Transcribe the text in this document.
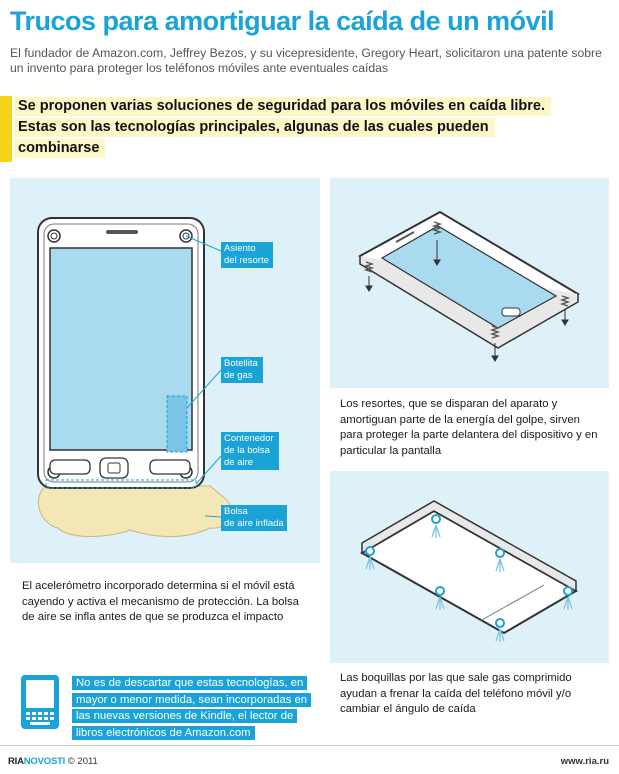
Trucos para amortiguar la caída de un móvil
El fundador de Amazon.com, Jeffrey Bezos, y su vicepresidente, Gregory Heart, solicitaron una patente sobre un invento para proteger los teléfonos móviles ante eventuales caídas
Se proponen varias soluciones de seguridad para los móviles en caída libre. Estas son las tecnologías principales, algunas de las cuales pueden combinarse
Asiento
del resorte
Botellita
de gas
Contenedor
de la bolsa
de aire
Bolsa
de aire inflada
El acelerómetro incorporado determina si el móvil está cayendo y activa el mecanismo de protección. La bolsa de aire se infla antes de que se produzca el impacto
Los resortes, que se disparan del aparato y amortiguan parte de la energía del golpe, sirven para proteger la parte delantera del dispositivo y en particular la pantalla
Las boquillas por las que sale gas comprimido ayudan a frenar la caída del teléfono móvil y/o cambiar el ángulo de caída
No es de descartar que estas tecnologías, en mayor o menor medida, sean incorporadas en las nuevas versiones de Kindle, el lector de libros electrónicos de Amazon.com
RIANOVOSTI © 2011	www.ria.ru
